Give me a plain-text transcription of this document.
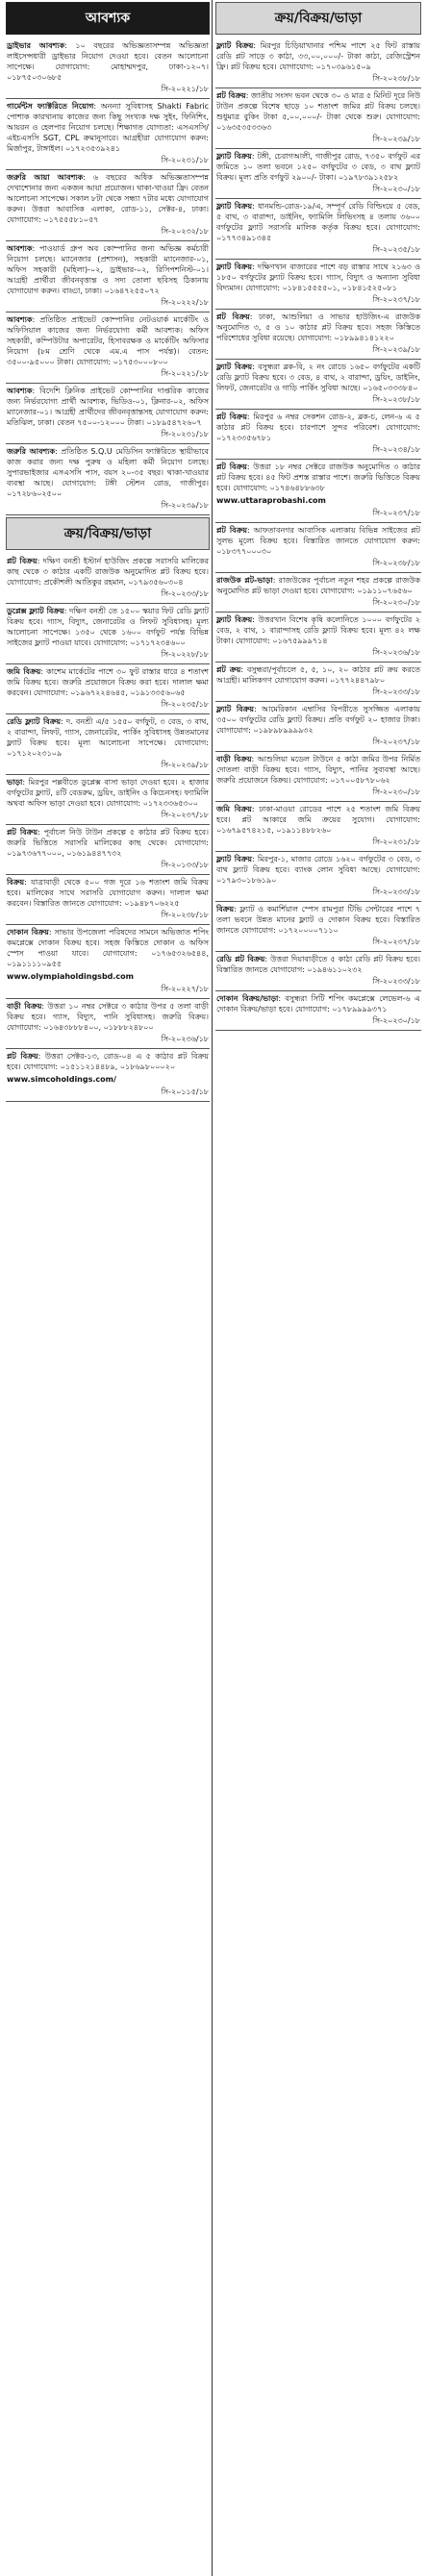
আবশ্যক
ড্রাইভার আবশ্যক: ১০ বছরের অভিজ্ঞতাসম্পন্ন অভিজ্ঞতা লাইসেন্সধারী ড্রাইভার নিয়োগ দেওয়া হবে। বেতন আলোচনা সাপেক্ষে। যোগাযোগ: মোহাম্মদপুর, ঢাকা-১২০৭। ০১৮৭৫০৩০৬৮৫
সি-২০২২১/১৮
গার্মেন্টস ফ্যাক্টরিতে নিয়োগ: অনন্যা সুবিধাসহ Shakti Fabric পোশাক কারখানায় কাজের জন্য কিছু সংখ্যক দক্ষ সুইং, ফিনিশিং, আয়রন ও হেলপার নিয়োগ চলছে। শিক্ষাগত যোগ্যতা: এসএসসি/এইচএসসি SGT, CPL ক্রমানুসারে। আগ্রহীরা যোগাযোগ করুন: মির্জাপুর, টাঙ্গাইল। ০১৭২৩৫৩৯২৪১
সি-২০২৩১/১৮
জরুরি আয়া আবশ্যক: ৬ বছরের অধিক অভিজ্ঞতাসম্পন্ন দেখাশোনার জন্য একজন আয়া প্রয়োজন। থাকা-খাওয়া ফ্রি। বেতন আলোচনা সাপেক্ষে। সকাল ৮টা থেকে সন্ধ্যা ৭টার মধ্যে যোগাযোগ করুন। উত্তরা আবাসিক এলাকা, রোড-১১, সেক্টর-৪, ঢাকা। যোগাযোগ: ০১৭৫৫৫৮১০৫৭
সি-২০২৩২/১৮
আবশ্যক: পাওয়ার্ড গ্রুপ অব কোম্পানির জন্য অভিজ্ঞ কর্মচারী নিয়োগ চলছে। ম্যানেজার (প্রশাসন), সহকারী ম্যানেজার-০১, অফিস সহকারী (মহিলা)-০২, ড্রাইভার-০২, রিসিপশনিস্ট-০১। আগ্রহী প্রার্থীরা জীবনবৃত্তান্ত ও সদ্য তোলা ছবিসহ ঠিকানায় যোগাযোগ করুন। বাড্ডা, ঢাকা। ০১৬৪৭২৫৫০৭২
সি-২০২২২/১৮
আবশ্যক: প্রতিষ্ঠিত প্রাইভেট কোম্পানির নেটওয়ার্ক মার্কেটিং ও অফিসিয়াল কাজের জন্য নির্ভরযোগ্য কর্মী আবশ্যক। অফিস সহকারী, কম্পিউটার অপারেটর, হিসাবরক্ষক ও মার্কেটিং অফিসার নিয়োগ (৮ম শ্রেণি থেকে এম.এ পাস পর্যন্ত)। বেতন: ৩৫০০-৯৫০০০ টাকা। যোগাযোগ: ০১৭৫৩০০০৮০০
সি-২০২২১/১৮
আবশ্যক: বিদেশি ক্লিনিক প্রাইভেট কোম্পানির দাপ্তরিক কাজের জন্য নির্ভরযোগ্য প্রার্থী আবশ্যক, ভিডিও-০১, ক্লিনার-০২, অফিস ম্যানেজার-০১। আগ্রহী প্রার্থীদের জীবনবৃত্তান্তসহ যোগাযোগ করুন: মতিঝিল, ঢাকা। বেতন ৭৫০০-১২০০০ টাকা। ০১৮৯৫৪৭২৬০৭
সি-২০২৩১/১৮
জরুরি আবশ্যক: প্রতিষ্ঠিত S.Q.U মেডিসিন ফ্যাক্টরিতে স্থায়ীভাবে কাজ করার জন্য দক্ষ পুরুষ ও মহিলা কর্মী নিয়োগ চলছে। সুপারভাইজার এসএসসি পাস, বয়স ২০-৩৫ বছর। থাকা-খাওয়ার ব্যবস্থা আছে। যোগাযোগ: টঙ্গী স্টেশন রোড, গাজীপুর। ০১৭২৮৬০২৫০০
সি-২০২৩৯/১৮
ক্রয়/বিক্রয়/ভাড়া
প্লট বিক্রয়: দক্ষিণ বনশ্রী ইস্টার্ন হাউজিং প্রকল্পে সরাসরি মালিকের কাছ থেকে ৩ কাঠার একটি রাজউক অনুমোদিত প্লট বিক্রয় হবে। যোগাযোগ: প্রকৌশলী আতিকুর রহমান, ০১৭৯৩৫৬০৩০৪
সি-২০২৩৩/১৮
ডুপ্লেক্স ফ্ল্যাট বিক্রয়: দক্ষিণ বনশ্রী তে ১৫০০ স্কয়ার ফিট রেডি ফ্ল্যাট বিক্রয় হবে। গ্যাস, বিদ্যুৎ, জেনারেটর ও লিফট সুবিধাসহ। মূল্য আলোচনা সাপেক্ষে। ১৩৫০ থেকে ১৬০০ বর্গফুট পর্যন্ত বিভিন্ন সাইজের ফ্ল্যাট পাওয়া যাবে। যোগাযোগ: ০১৭১৭২৩৪৬০০
সি-২০২২৮/১৮
জমি বিক্রয়: কাশেম মার্কেটের পাশে ৩০ ফুট রাস্তার ধারে ৪ শতাংশ জমি বিক্রয় হবে। জরুরি প্রয়োজনে বিক্রয় করা হবে। দালাল ক্ষমা করবেন। যোগাযোগ: ০১৯৬৭২২৪৬৪৫, ০১৯১৩৩৫৬০৬৫
সি-২০২৩৫/১৮
রেডি ফ্ল্যাট বিক্রয়: দ. বনশ্রী এ/৫ ১৫৫০ বর্গফুট, ৩ বেড, ৩ বাথ, ২ বারান্দা, লিফট, গ্যাস, জেনারেটর, পার্কিং সুবিধাসহ উন্নতমানের ফ্ল্যাট বিক্রয় হবে। মূল্য আলোচনা সাপেক্ষে। যোগাযোগ: ০১৭১২০২৩১০৯
সি-২০২৩৯/১৮
ভাড়া: মিরপুর পল্লবীতে ডুপ্লেক্স বাসা ভাড়া দেওয়া হবে। ২ হাজার বর্গফুটের ফ্ল্যাট, ৪টি বেডরুম, ড্রয়িং, ডাইনিং ও কিচেনসহ। ফ্যামিলি অথবা অফিস ভাড়া দেওয়া হবে। যোগাযোগ: ০১৭২৩৩৬৫৩০০
সি-২০২৩৭/১৮
প্লট বিক্রয়: পূর্বাচল নিউ টাউন প্রকল্পে ৫ কাঠার প্লট বিক্রয় হবে। জরুরি ভিত্তিতে সরাসরি মালিকের কাছ থেকে। যোগাযোগ: ০১৯৭৩৬৭৭০০০, ০১৬১৯৪৪৭৭৩২
সি-২০১৩৩/১৮
বিক্রয়: যাত্রাবাড়ী থেকে ৫০০ গজ দূরে ১৬ শতাংশ জমি বিক্রয় হবে। মালিকের সাথে সরাসরি যোগাযোগ করুন। দালাল ক্ষমা করবেন। বিস্তারিত জানতে যোগাযোগ: ০১৯৪৮৭০৬২২৫
সি-২০২৩৮/১৮
দোকান বিক্রয়: সাভার উপজেলা পরিষদের সামনে অভিজাত শপিং কমপ্লেক্সে দোকান বিক্রয় হবে। সহজ কিস্তিতে দোকান ও অফিস স্পেস পাওয়া যাবে। যোগাযোগ: ০১৭৬৫৩২৬৫৪৪, ০১৯১১১১০৯৫৫
www.olympiaholdingsbd.com
সি-২০২২৭/১৮
বাড়ী বিক্রয়: উত্তরা ১০ নম্বর সেক্টরে ৩ কাঠার উপর ৫ তলা বাড়ী বিক্রয় হবে। গ্যাস, বিদ্যুৎ, পানি সুবিধাসহ। জরুরি বিক্রয়। যোগাযোগ: ০১৬৪৩৮৮৮৪০০, ০১৮৮৮২৪৮০০
সি-২০২৩৬/১৮
প্লট বিক্রয়: উত্তরা সেক্টর-১৩, রোড-০৪ এ ৫ কাঠার প্লট বিক্রয় হবে। যোগাযোগ: ০১৫১১২১৪৪৮৯, ০১৮৬৯৮০০০২০
www.simcoholdings.com/
সি-২০১১৫/১৮
ক্রয়/বিক্রয়/ভাড়া
ফ্ল্যাট বিক্রয়: মিরপুর চিড়িয়াখানার পশ্চিম পাশে ২৫ ফিট রাস্তায় রেডি প্লট সাড়ে ৩ কাঠা, ৩৩,০০,০০০/- টাকা কাঠা, রেজিস্ট্রেশন ফ্রি। প্লট বিক্রয় হবে। যোগাযোগ: ০১৭০৩৯৬১৫০৯
সি-২০২৩৮/১৮
প্লট বিক্রয়: জাতীয় সংসদ ভবন থেকে ৩০ ও মাত্র ৫ মিনিট দূরে নিউ টাউন প্রকল্পে বিশেষ ছাড়ে ১০ শতাংশ জমির প্লট বিক্রয় চলছে। শুধুমাত্র বুকিং টাকা ৫,০০,০০০/- টাকা থেকে শুরু। যোগাযোগ: ০১৬৩৫৩৫৩৩৬৩
সি-২০২৩৯/১৮
ফ্ল্যাট বিক্রয়: টঙ্গী, চেরাগআলী, গাজীপুর রোড, ৭৩৫০ বর্গফুট এর জমিতে ১০ তলা ভবনে ১২৫০ বর্গফুটের ৩ বেড, ৩ বাথ ফ্ল্যাট বিক্রয়। মূল্য প্রতি বর্গফুট ২৯০০/- টাকা। ০১৯৭৮৩৯১২৫৮২
সি-২০২৩০/১৮
ফ্ল্যাট বিক্রয়: ধানমন্ডি-রোড-১৯/এ, সম্পূর্ণ রেডি বিল্ডিংয়ে ৫ বেড, ৫ বাথ, ৩ বারান্দা, ডাইনিং, ফ্যামিলি লিভিংসহ ৪ তলায় ৩৬০০ বর্গফুটের ফ্ল্যাট সরাসরি মালিক কর্তৃক বিক্রয় হবে। যোগাযোগ: ০১৭৭৩৪৯১৩৪৫
সি-২০২৩৫/১৮
ফ্ল্যাট বিক্রয়: দক্ষিণখান বাজারের পাশে বড় রাস্তার সাথে ২১৬৩ ও ১৮৫০ বর্গফুটের ফ্ল্যাট বিক্রয় হবে। গ্যাস, বিদ্যুৎ ও অন্যান্য সুবিধা বিদ্যমান। যোগাযোগ: ০১৮৪১৫৫৫৫০১, ০১৮৪১৫২৫০৮১
সি-২০২৩৭/১৮
প্লট বিক্রয়: ঢাকা, আশুলিয়া ও সাভার হাউজিং-এ রাজউক অনুমোদিত ৩, ৫ ও ১০ কাঠার প্লট বিক্রয় হবে। সহজ কিস্তিতে পরিশোধের সুবিধা রয়েছে। যোগাযোগ: ০১৮৯৯৪১৪১২২০
সি-২০২৩৯/১৮
ফ্ল্যাট বিক্রয়: বসুন্ধরা ব্লক-বি, ২ নং রোডে ১৬৫০ বর্গফুটের একটি রেডি ফ্ল্যাট বিক্রয় হবে। ৩ বেড, ৪ বাথ, ২ বারান্দা, ড্রয়িং, ডাইনিং, লিফট, জেনারেটর ও গাড়ি পার্কিং সুবিধা আছে। ০১৬৫০৩৩৩৮৪০
সি-২০২৩৮/১৮
প্লট বিক্রয়: মিরপুর ৬ নম্বর সেকশন রোড-২, ব্লক-চ, লেন-৬ এ ৫ কাঠার প্লট বিক্রয় হবে। চারপাশে সুন্দর পরিবেশ। যোগাযোগ: ০১৭২৩৩৫৬৭৮১
সি-২০২৩৪/১৮
প্লট বিক্রয়: উত্তরা ১৮ নম্বর সেক্টরে রাজউক অনুমোদিত ৩ কাঠার প্লট বিক্রয় হবে। ৪৫ ফিট প্রশস্ত রাস্তার পাশে। জরুরি ভিত্তিতে বিক্রয় হবে। যোগাযোগ: ০১৭৪৬৪৮৮৬৩৮
www.uttaraprobashi.com
সি-২০২৩৭/১৮
প্লট বিক্রয়: আফতাবনগর আবাসিক এলাকায় বিভিন্ন সাইজের প্লট সুলভ মূল্যে বিক্রয় হবে। বিস্তারিত জানতে যোগাযোগ করুন: ০১৮৩৭৭০০০৩০
সি-২০২৩৮/১৮
রাজউক প্লট-ভাড়া: রাজউকের পূর্বাচল নতুন শহর প্রকল্পে রাজউক অনুমোদিত প্লট ভাড়া দেওয়া হবে। যোগাযোগ: ০১৯১১০৭৬৫৬০
সি-২০২৩০/১৮
ফ্ল্যাট বিক্রয়: উত্তরখান বিশেষ কৃষি কলোনিতে ১০০০ বর্গফুটের ২ বেড, ২ বাথ, ১ বারান্দাসহ রেডি ফ্ল্যাট বিক্রয় হবে। মূল্য ৪২ লক্ষ টাকা। যোগাযোগ: ০১৬৭৫৯৯৯৭১৪
সি-২০২৩৬/১৮
প্লট ক্রয়: বসুন্ধরা/পূর্বাচলে ৫, ৫, ১০, ২০ কাঠার প্লট ক্রয় করতে আগ্রহী। মালিকগণ যোগাযোগ করুন। ০১৭৭২৪৪৭৯৮০
সি-২০২৩৩/১৮
ফ্ল্যাট বিক্রয়: আমেরিকান এম্বাসির বিপরীতে সুসজ্জিত এলাকায় ৩৫০০ বর্গফুটের রেডি ফ্ল্যাট বিক্রয়। প্রতি বর্গফুট ২০ হাজার টাকা। যোগাযোগ: ০১৯৮৯৮৯৯৯৯৩২
সি-২০২৩৭/১৮
বাড়ী বিক্রয়: আশুলিয়া মডেল টাউনে ৫ কাঠা জমির উপর নির্মিত দোতলা বাড়ী বিক্রয় হবে। গ্যাস, বিদ্যুৎ, পানির সুব্যবস্থা আছে। জরুরি প্রয়োজনে বিক্রয়। যোগাযোগ: ০১৭০০৫৮৭৮০৬২
সি-২০২৩০/১৮
জমি বিক্রয়: ঢাকা-মাওয়া রোডের পাশে ২৫ শতাংশ জমি বিক্রয় হবে। প্লট আকারে জমি ক্রয়ের সুযোগ। যোগাযোগ: ০১৬৭৯৫৭৪২১৫, ০১৯১১৪৮৮২৬০
সি-২০২৩১/১৮
ফ্ল্যাট বিক্রয়: মিরপুর-১, মাজার রোডে ১৬২০ বর্গফুটের ৩ বেড, ৩ বাথ ফ্ল্যাট বিক্রয় হবে। ব্যাংক লোন সুবিধা আছে। যোগাযোগ: ০১৭৯৩০১৮৬১৯০
সি-২০২৩৩/১৮
বিক্রয়: ফ্ল্যাট ও কমার্শিয়াল স্পেস রামপুরা টিভি সেন্টারের পাশে ৭ তলা ভবনে উন্নত মানের ফ্ল্যাট ও দোকান বিক্রয় হবে। বিস্তারিত জানতে যোগাযোগ: ০১৭২০০০০৭১১০
সি-২০২৩৭/১৮
রেডি প্লট বিক্রয়: উত্তরা দিয়াবাড়ীতে ৫ কাঠা রেডি প্লট বিক্রয় হবে। বিস্তারিত জানতে যোগাযোগ: ০১৯৪৬১১০২৩২
সি-২০২৩৩/১৮
দোকান বিক্রয়/ভাড়া: বসুন্ধরা সিটি শপিং কমপ্লেক্সে লেভেল-৬ এ দোকান বিক্রয়/ভাড়া হবে। যোগাযোগ: ০১৭৮৯৯৯৯৩৭১
সি-২০২৩০/১৮
